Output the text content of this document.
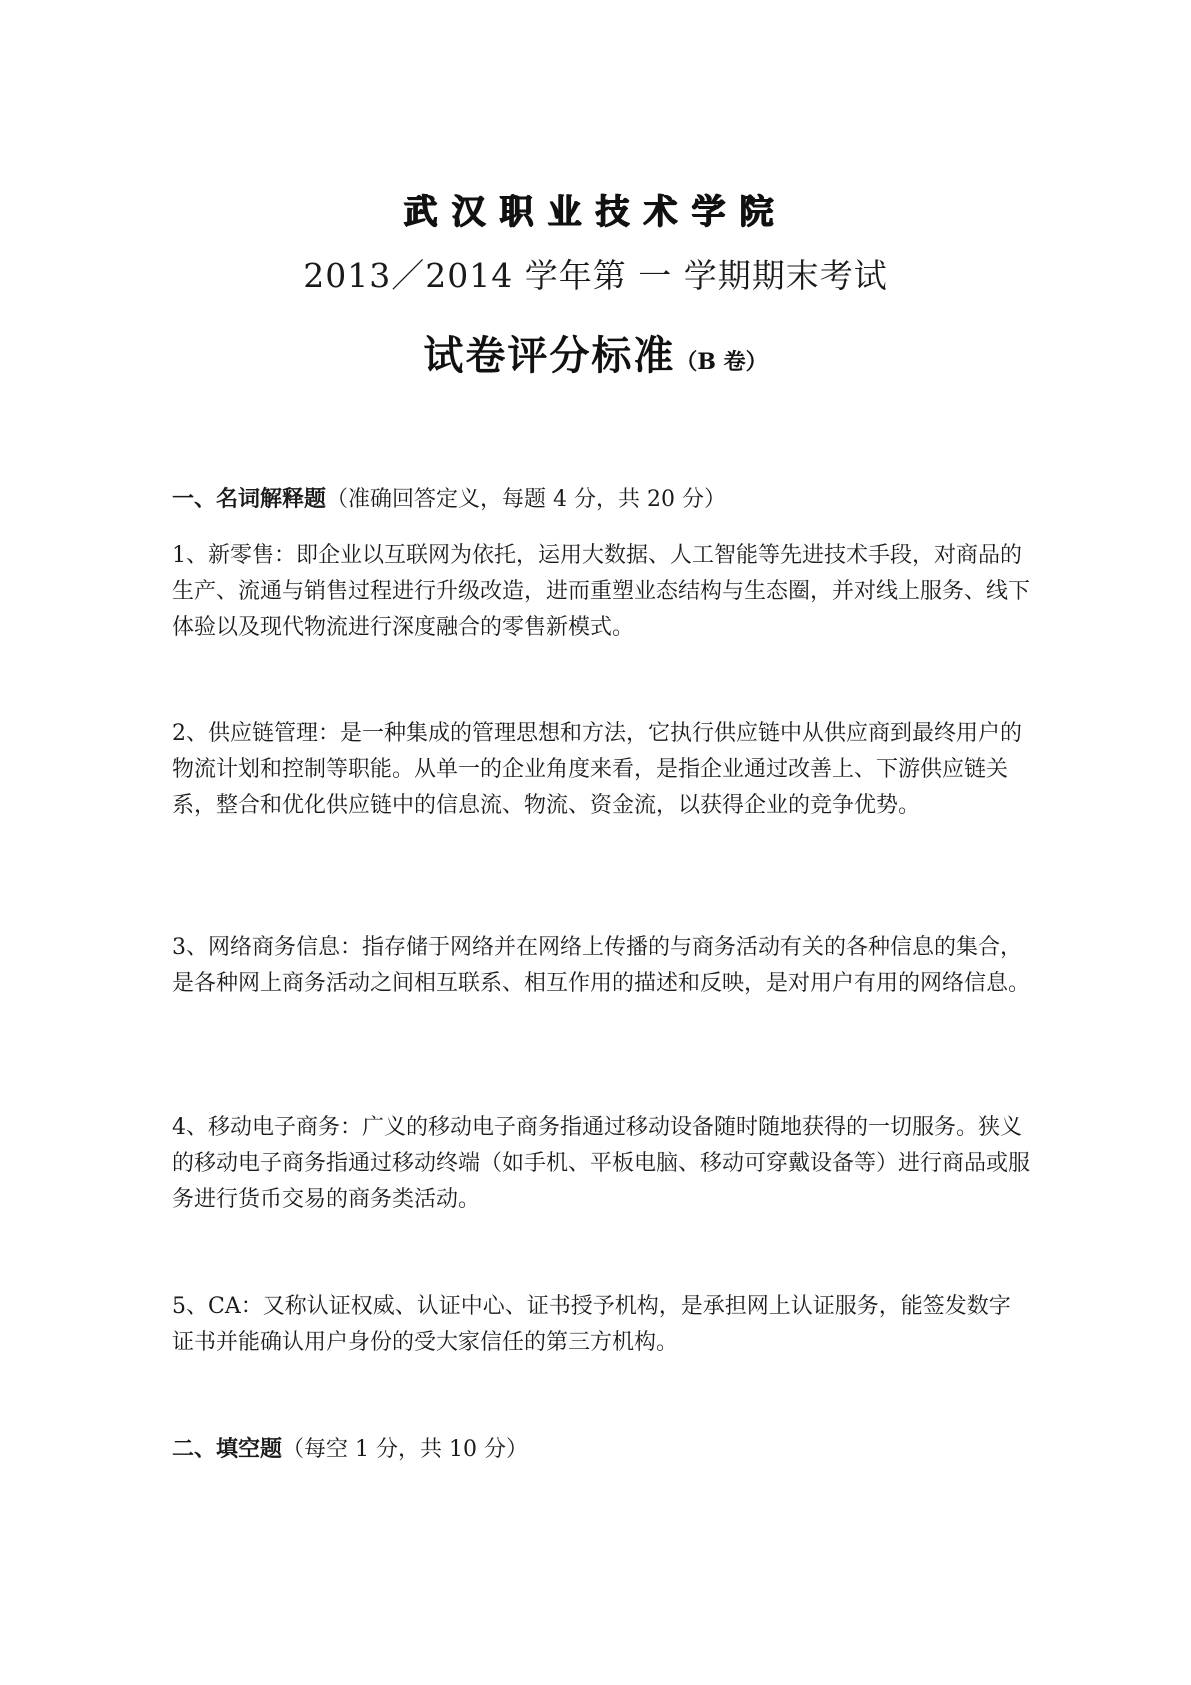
武汉职业技术学院
2013／2014 学年第 一 学期期末考试
试卷评分标准（B 卷）
一、名词解释题（准确回答定义，每题 4 分，共 20 分）
1、新零售：即企业以互联网为依托，运用大数据、人工智能等先进技术手段，对商品的生产、流通与销售过程进行升级改造，进而重塑业态结构与生态圈，并对线上服务、线下体验以及现代物流进行深度融合的零售新模式。
2、供应链管理：是一种集成的管理思想和方法，它执行供应链中从供应商到最终用户的物流计划和控制等职能。从单一的企业角度来看，是指企业通过改善上、下游供应链关系，整合和优化供应链中的信息流、物流、资金流，以获得企业的竞争优势。
3、网络商务信息：指存储于网络并在网络上传播的与商务活动有关的各种信息的集合，是各种网上商务活动之间相互联系、相互作用的描述和反映，是对用户有用的网络信息。
4、移动电子商务：广义的移动电子商务指通过移动设备随时随地获得的一切服务。狭义的移动电子商务指通过移动终端（如手机、平板电脑、移动可穿戴设备等）进行商品或服务进行货币交易的商务类活动。
5、CA：又称认证权威、认证中心、证书授予机构，是承担网上认证服务，能签发数字证书并能确认用户身份的受大家信任的第三方机构。
二、填空题（每空 1 分，共 10 分）
